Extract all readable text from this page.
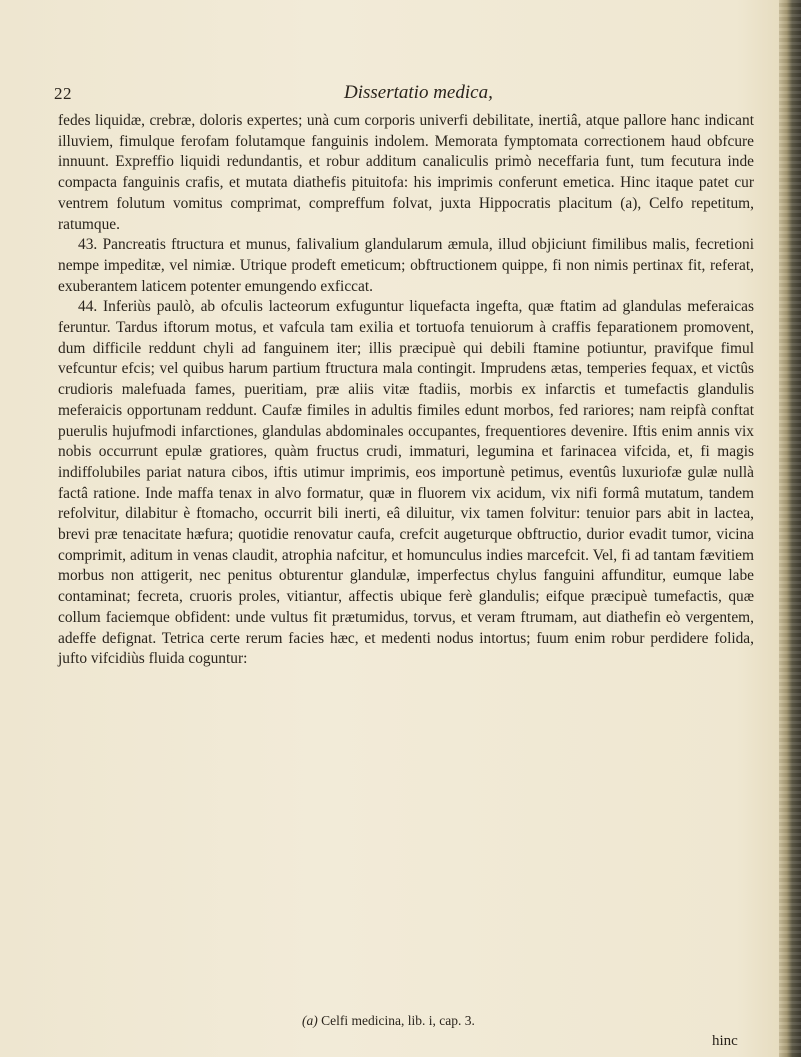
22	Dissertatio medica,

fedes liquidæ, crebræ, doloris expertes; unà cum corporis univerfi debilitate, inertiâ, atque pallore hanc indicant illuviem, fimulque ferofam folutamque fanguinis indolem. Memorata fymptomata correctionem haud obfcure innuunt. Expreffio liquidi redundantis, et robur additum canaliculis primò neceffaria funt, tum fecutura inde compacta fanguinis crafis, et mutata diathefis pituitofa: his imprimis conferunt emetica. Hinc itaque patet cur ventrem folutum vomitus comprimat, compreffum folvat, juxta Hippocratis placitum (a), Celfo repetitum, ratumque.

43. Pancreatis ftructura et munus, falivalium glandularum æmula, illud objiciunt fimilibus malis, fecretioni nempe impeditæ, vel nimiæ. Utrique prodeft emeticum; obftructionem quippe, fi non nimis pertinax fit, referat, exuberantem laticem potenter emungendo exficcat.

44. Inferiùs paulò, ab ofculis lacteorum exfuguntur liquefacta ingefta, quæ ftatim ad glandulas meferaicas feruntur. Tardus iftorum motus, et vafcula tam exilia et tortuofa tenuiorum à craffis feparationem promovent, dum difficile reddunt chyli ad fanguinem iter; illis præcipuè qui debili ftamine potiuntur, pravifque fimul vefcuntur efcis; vel quibus harum partium ftructura mala contingit. Imprudens ætas, temperies fequax, et victûs crudioris malefuada fames, pueritiam, præ aliis vitæ ftadiis, morbis ex infarctis et tumefactis glandulis meferaicis opportunam reddunt. Caufæ fimiles in adultis fimiles edunt morbos, fed rariores; nam reipfà conftat puerulis hujufmodi infarctiones, glandulas abdominales occupantes, frequentiores devenire. Iftis enim annis vix nobis occurrunt epulæ gratiores, quàm fructus crudi, immaturi, legumina et farinacea vifcida, et, fi magis indiffolubiles pariat natura cibos, iftis utimur imprimis, eos importunè petimus, eventûs luxuriofæ gulæ nullà factâ ratione. Inde maffa tenax in alvo formatur, quæ in fluorem vix acidum, vix nifi formâ mutatum, tandem refolvitur, dilabitur è ftomacho, occurrit bili inerti, eâ diluitur, vix tamen folvitur: tenuior pars abit in lactea, brevi præ tenacitate hæfura; quotidie renovatur caufa, crefcit augeturque obftructio, durior evadit tumor, vicina comprimit, aditum in venas claudit, atrophia nafcitur, et homunculus indies marcefcit. Vel, fi ad tantam fævitiem morbus non attigerit, nec penitus obturentur glandulæ, imperfectus chylus fanguini affunditur, eumque labe contaminat; fecreta, cruoris proles, vitiantur, affectis ubique ferè glandulis; eifque præcipuè tumefactis, quæ collum faciemque obfident: unde vultus fit prætumidus, torvus, et veram ftrumam, aut diathefin eò vergentem, adeffe defignat. Tetrica certe rerum facies hæc, et medenti nodus intortus; fuum enim robur perdidere folida, jufto vifcidiùs fluida coguntur:

(a) Celfi medicina, lib. i, cap. 3.
hinc
